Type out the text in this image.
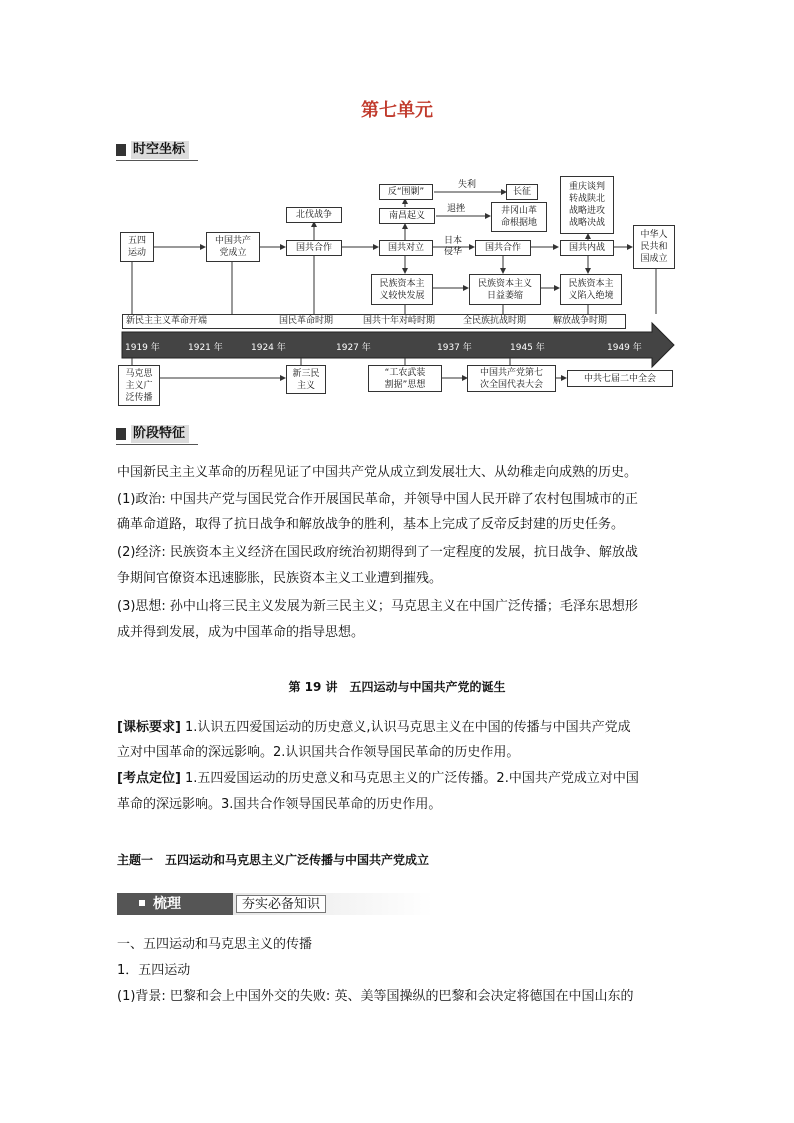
第七单元
时空坐标
五四
运动
中国共产
党成立	国共合作
北伐战争
国共对立
南昌起义
反“围剿”	长征
井冈山革
命根据地
国共合作
重庆谈判
转战陕北
战略进攻
战略决战
国共内战
中华人
民共和
国成立
民族资本主
义较快发展
民族资本主义
日益萎缩
民族资本主
义陷入绝境
失利
退挫
日本
侵华
新民主主义革命开端	国民革命时期	国共十年对峙时期	全民族抗战时期	解放战争时期
1919 年	1921 年	1924 年	1927 年	1937 年	1945 年	1949 年
马克思
主义广
泛传播
新三民
主义
“工农武装
割据”思想
中国共产党第七
次全国代表大会
中共七届二中全会
阶段特征
中国新民主主义革命的历程见证了中国共产党从成立到发展壮大、从幼稚走向成熟的历史。
(1)政治: 中国共产党与国民党合作开展国民革命，并领导中国人民开辟了农村包围城市的正
确革命道路，取得了抗日战争和解放战争的胜利，基本上完成了反帝反封建的历史任务。
(2)经济: 民族资本主义经济在国民政府统治初期得到了一定程度的发展，抗日战争、解放战
争期间官僚资本迅速膨胀，民族资本主义工业遭到摧残。
(3)思想: 孙中山将三民主义发展为新三民主义；马克思主义在中国广泛传播；毛泽东思想形
成并得到发展，成为中国革命的指导思想。
第 19 讲　五四运动与中国共产党的诞生
[课标要求] 1.认识五四爱国运动的历史意义,认识马克思主义在中国的传播与中国共产党成
立对中国革命的深远影响。2.认识国共合作领导国民革命的历史作用。
[考点定位] 1.五四爱国运动的历史意义和马克思主义的广泛传播。2.中国共产党成立对中国
革命的深远影响。3.国共合作领导国民革命的历史作用。
主题一　五四运动和马克思主义广泛传播与中国共产党成立
梳理	夯实必备知识
一、五四运动和马克思主义的传播
1．五四运动
(1)背景: 巴黎和会上中国外交的失败: 英、美等国操纵的巴黎和会决定将德国在中国山东的
